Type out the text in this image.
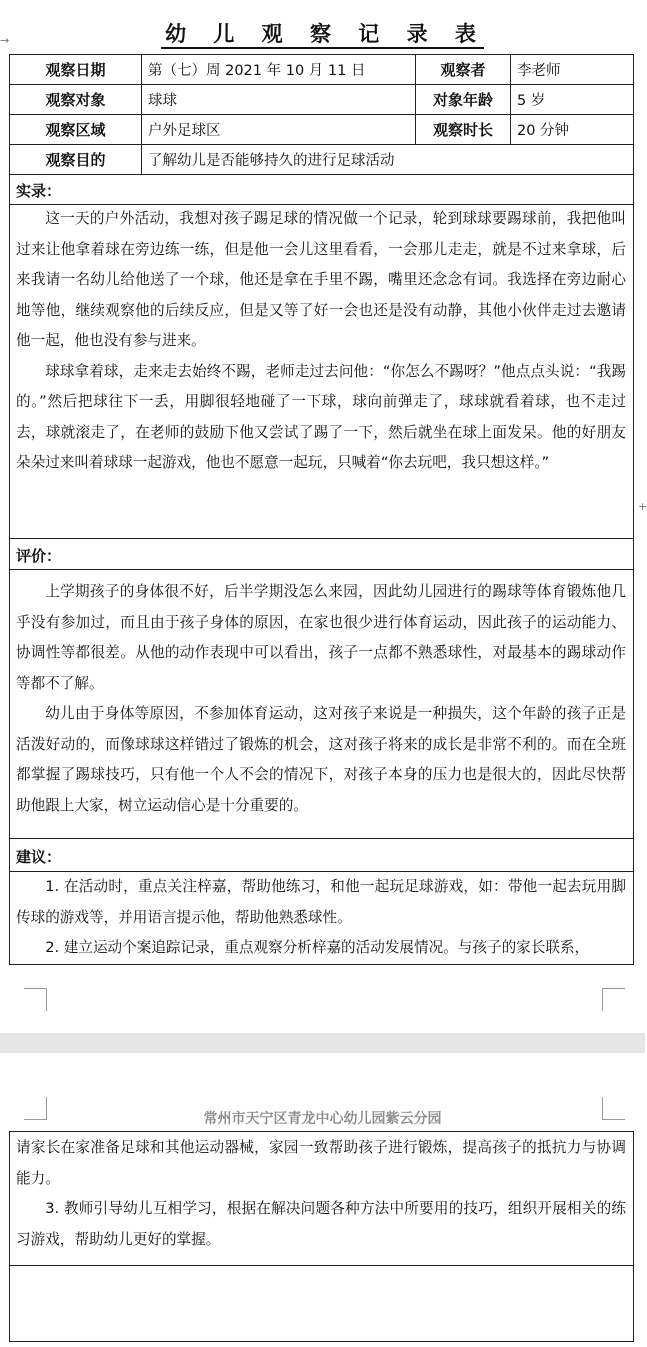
幼 儿 观 察 记 录 表
→
+
观察日期	第（七）周 2021 年 10 月 11 日	观察者	李老师
观察对象	球球	对象年龄	5 岁
观察区域	户外足球区	观察时长	20 分钟
观察目的	了解幼儿是否能够持久的进行足球活动
实录：

这一天的户外活动，我想对孩子踢足球的情况做一个记录，轮到球球要踢球前，我把他叫过来让他拿着球在旁边练一练，但是他一会儿这里看看，一会那儿走走，就是不过来拿球，后来我请一名幼儿给他送了一个球，他还是拿在手里不踢，嘴里还念念有词。我选择在旁边耐心地等他，继续观察他的后续反应，但是又等了好一会也还是没有动静，其他小伙伴走过去邀请他一起，他也没有参与进来。

球球拿着球，走来走去始终不踢，老师走过去问他：“你怎么不踢呀？”他点点头说：“我踢的。”然后把球往下一丢，用脚很轻地碰了一下球，球向前弹走了，球球就看着球，也不走过去，球就滚走了，在老师的鼓励下他又尝试了踢了一下，然后就坐在球上面发呆。他的好朋友朵朵过来叫着球球一起游戏，他也不愿意一起玩，只喊着“你去玩吧，我只想这样。”

评价：

上学期孩子的身体很不好，后半学期没怎么来园，因此幼儿园进行的踢球等体育锻炼他几乎没有参加过，而且由于孩子身体的原因，在家也很少进行体育运动，因此孩子的运动能力、协调性等都很差。从他的动作表现中可以看出，孩子一点都不熟悉球性，对最基本的踢球动作等都不了解。

幼儿由于身体等原因，不参加体育运动，这对孩子来说是一种损失，这个年龄的孩子正是活泼好动的，而像球球这样错过了锻炼的机会，这对孩子将来的成长是非常不利的。而在全班都掌握了踢球技巧，只有他一个人不会的情况下，对孩子本身的压力也是很大的，因此尽快帮助他跟上大家，树立运动信心是十分重要的。

建议：

1. 在活动时，重点关注梓嘉，帮助他练习，和他一起玩足球游戏，如：带他一起去玩用脚传球的游戏等，并用语言提示他，帮助他熟悉球性。

2. 建立运动个案追踪记录，重点观察分析梓嘉的活动发展情况。与孩子的家长联系，

常州市天宁区青龙中心幼儿园紫云分园

请家长在家准备足球和其他运动器械，家园一致帮助孩子进行锻炼，提高孩子的抵抗力与协调能力。

3. 教师引导幼儿互相学习，根据在解决问题各种方法中所要用的技巧，组织开展相关的练习游戏，帮助幼儿更好的掌握。
